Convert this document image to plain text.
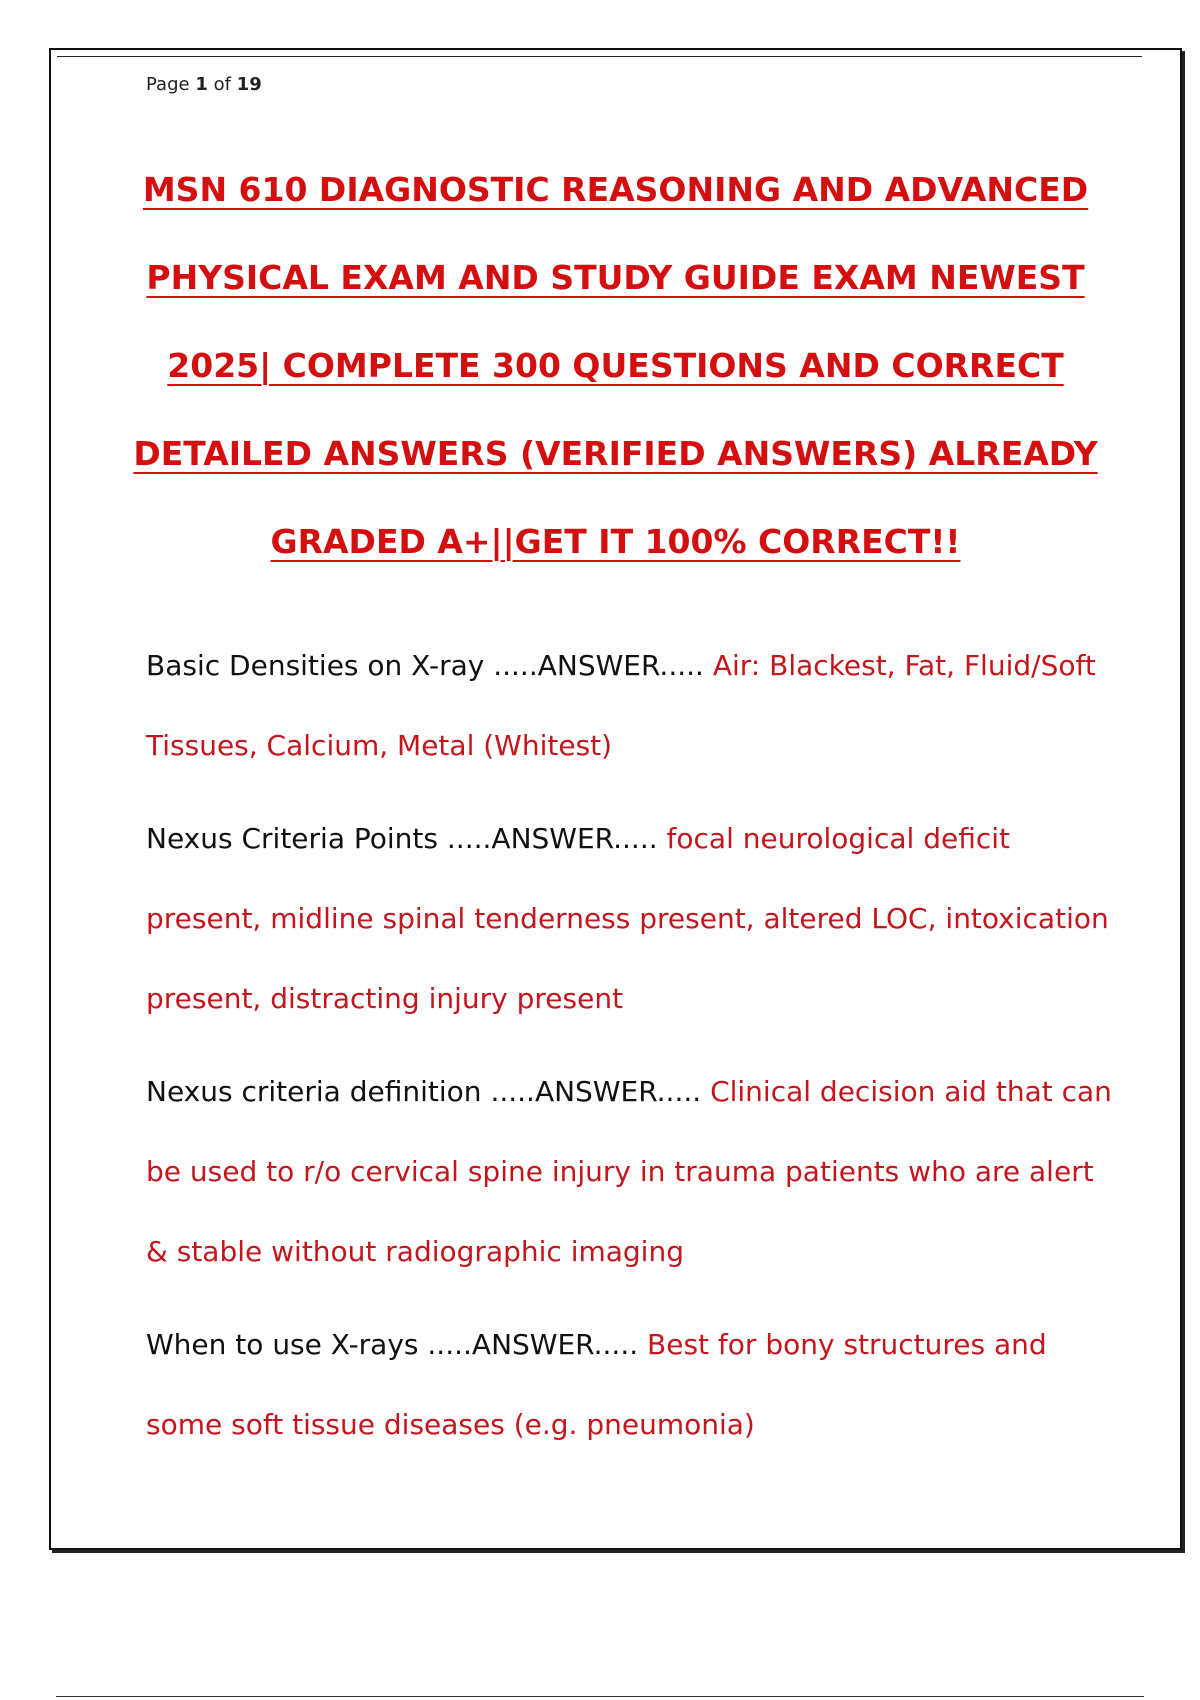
Page 1 of 19
MSN 610 DIAGNOSTIC REASONING AND ADVANCED
PHYSICAL EXAM AND STUDY GUIDE EXAM NEWEST
2025| COMPLETE 300 QUESTIONS AND CORRECT
DETAILED ANSWERS (VERIFIED ANSWERS) ALREADY
GRADED A+||GET IT 100% CORRECT!!

Basic Densities on X-ray .....ANSWER..... Air: Blackest, Fat, Fluid/Soft Tissues, Calcium, Metal (Whitest)

Nexus Criteria Points .....ANSWER..... focal neurological deficit present, midline spinal tenderness present, altered LOC, intoxication present, distracting injury present

Nexus criteria definition .....ANSWER..... Clinical decision aid that can be used to r/o cervical spine injury in trauma patients who are alert & stable without radiographic imaging

When to use X-rays .....ANSWER..... Best for bony structures and some soft tissue diseases (e.g. pneumonia)
